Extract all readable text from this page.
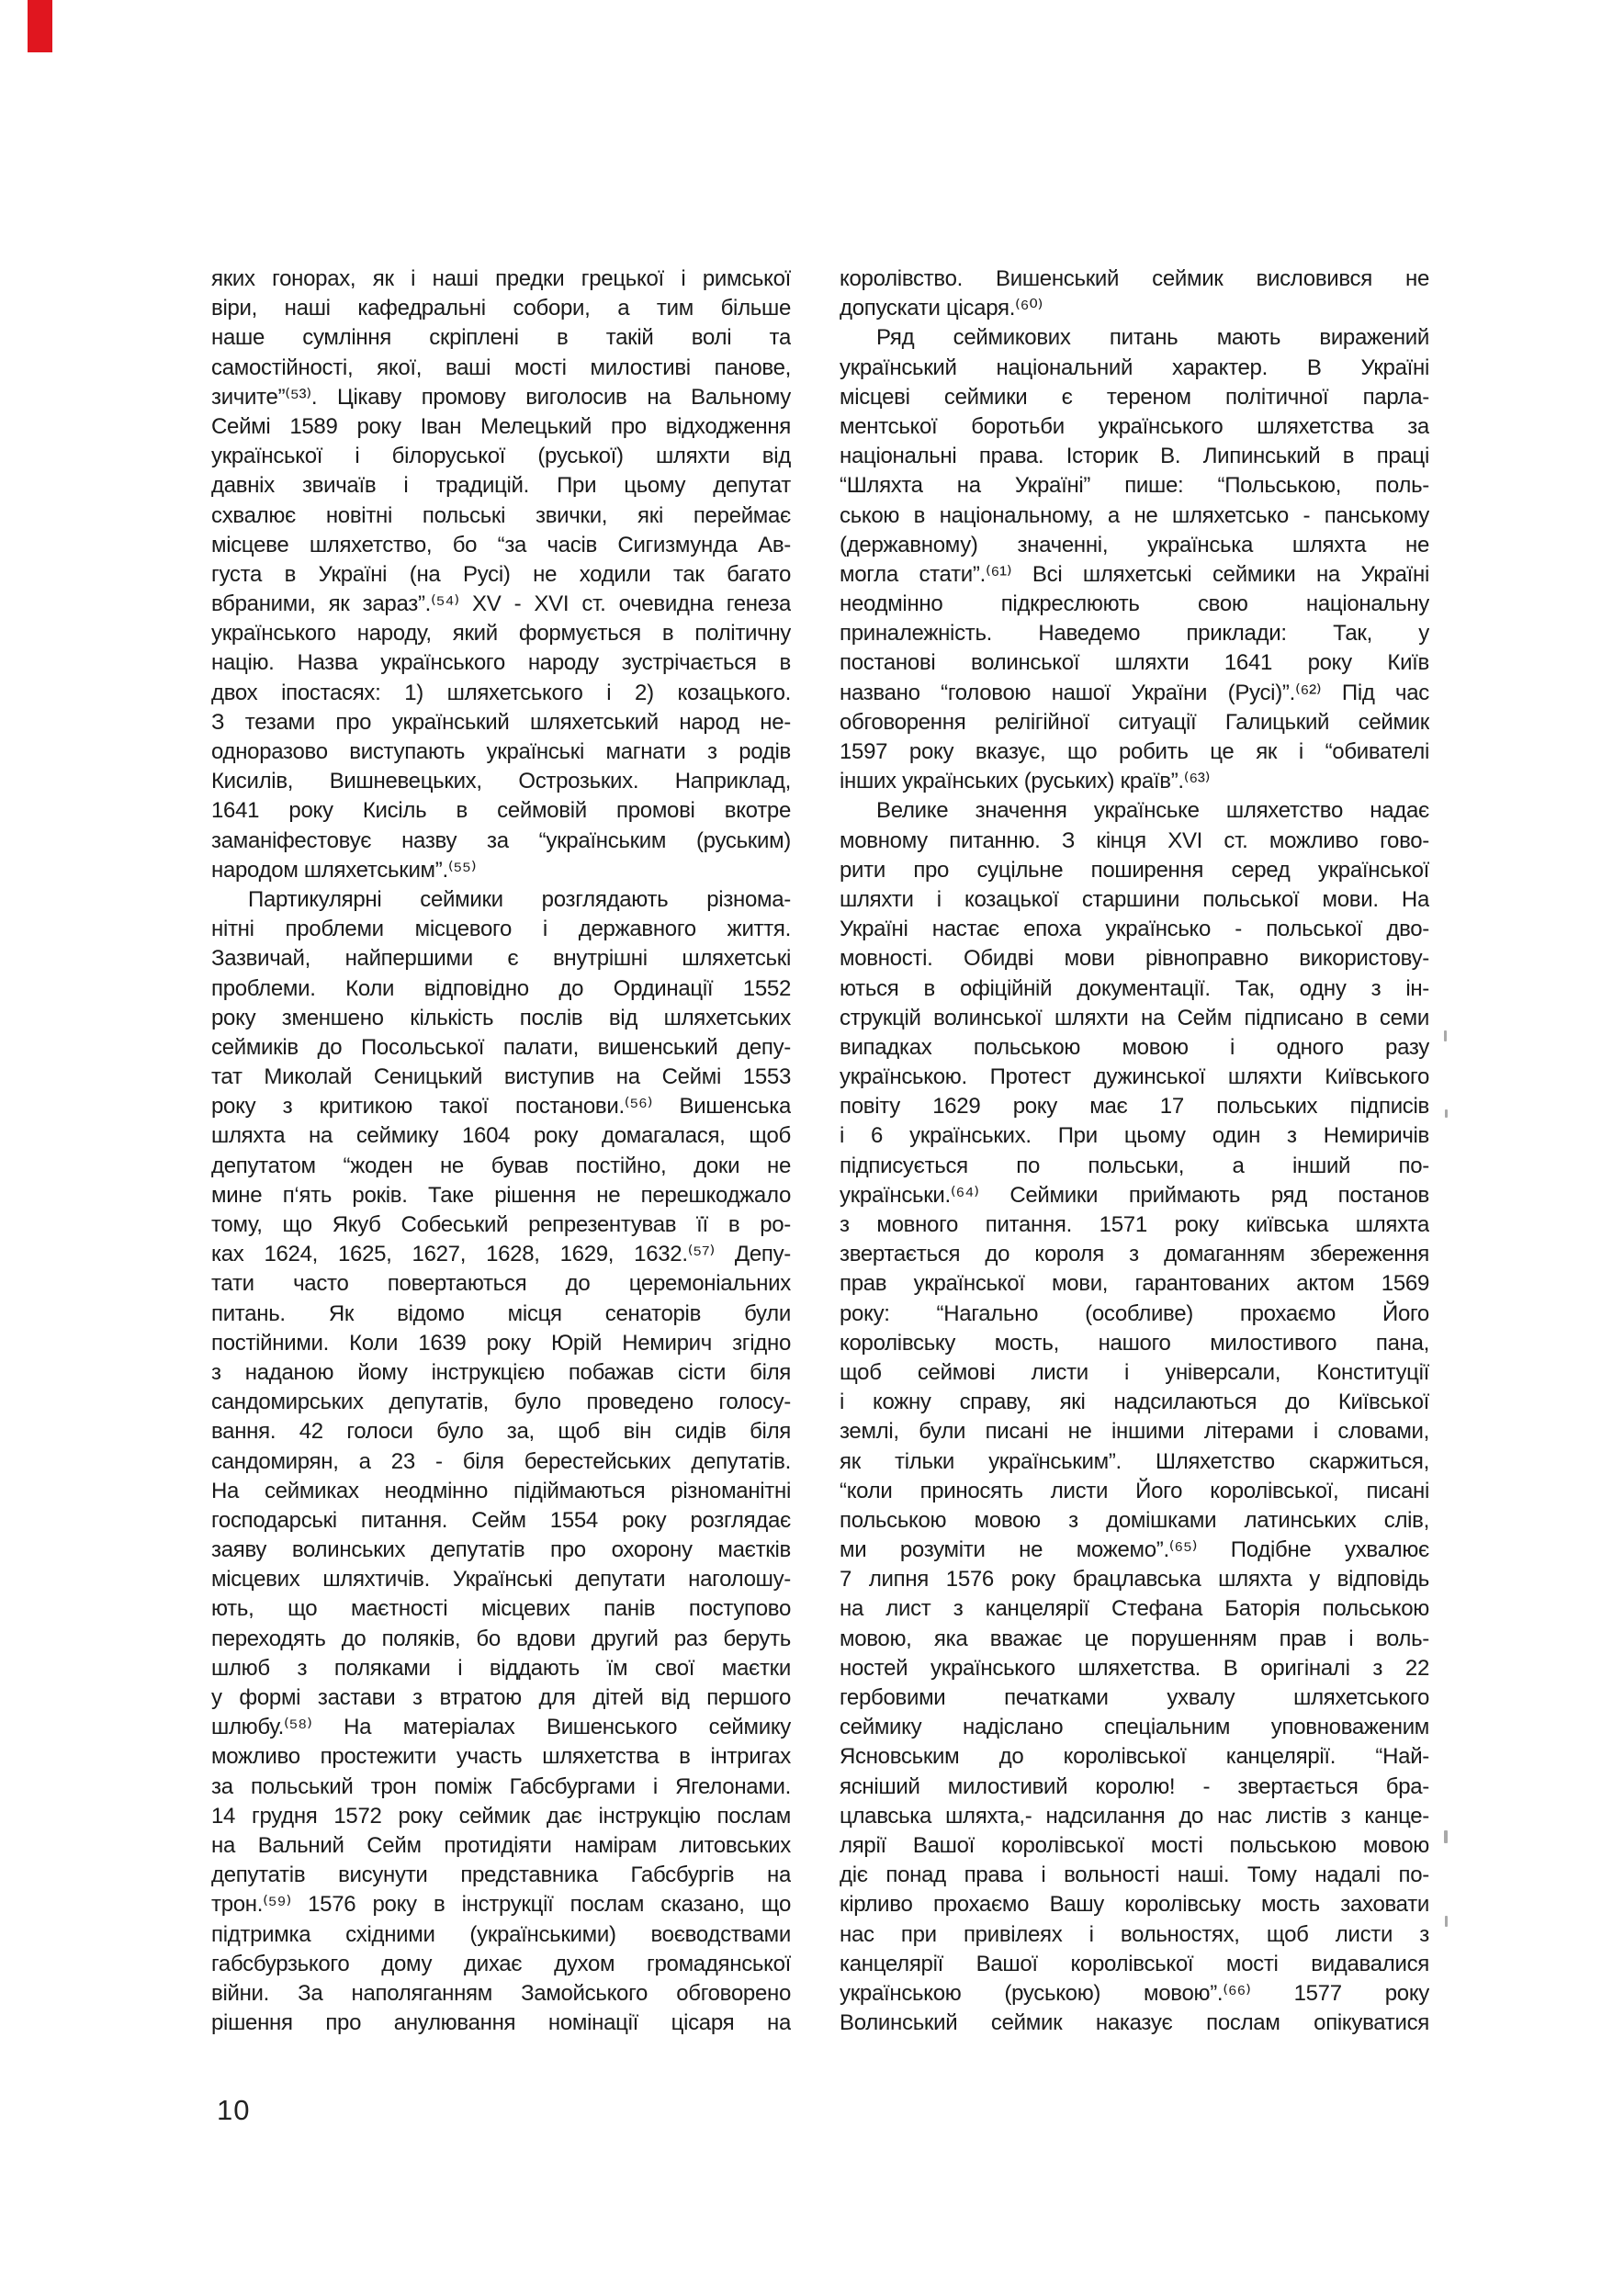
яких гонорах, як і наші предки грецької і римської
віри, наші кафедральні собори, а тим більше
наше сумління скріплені в такій волі та
самостійності, якої, ваші мості милостиві панове,
зичите”⁽⁵³⁾. Цікаву промову виголосив на Вальному
Сеймі 1589 року Іван Мелецький про відходження
української і білоруської (руської) шляхти від
давніх звичаїв і традицій. При цьому депутат
схвалює новітні польські звички, які переймає
місцеве шляхетство, бо “за часів Сигизмунда Ав-
густа в Україні (на Русі) не ходили так багато
вбраними, як зараз”.⁽⁵⁴⁾ XV - XVI ст. очевидна генеза
українського народу, який формується в політичну
націю. Назва українського народу зустрічається в
двох іпостасях: 1) шляхетського і 2) козацького.
З тезами про український шляхетський народ не-
одноразово виступають українські магнати з родів
Кисилів, Вишневецьких, Острозьких. Наприклад,
1641 року Кисіль в сеймовій промові вкотре
заманіфестовує назву за “українським (руським)
народом шляхетським”.⁽⁵⁵⁾
Партикулярні сеймики розглядають різнома-
нітні проблеми місцевого і державного життя.
Зазвичай, найпершими є внутрішні шляхетські
проблеми. Коли відповідно до Ординації 1552
року зменшено кількість послів від шляхетських
сеймиків до Посольської палати, вишенський депу-
тат Миколай Сеницький виступив на Сеймі 1553
року з критикою такої постанови.⁽⁵⁶⁾ Вишенська
шляхта на сеймику 1604 року домагалася, щоб
депутатом “жоден не бував постійно, доки не
мине п‘ять років. Таке рішення не перешкоджало
тому, що Якуб Собеський репрезентував її в ро-
ках 1624, 1625, 1627, 1628, 1629, 1632.⁽⁵⁷⁾ Депу-
тати часто повертаються до церемоніальних
питань. Як відомо місця сенаторів були
постійними. Коли 1639 року Юрій Немирич згідно
з наданою йому інструкцією побажав сісти біля
сандомирських депутатів, було проведено голосу-
вання. 42 голоси було за, щоб він сидів біля
сандомирян, а 23 - біля берестейських депутатів.
На сеймиках неодмінно підіймаються різноманітні
господарські питання. Сейм 1554 року розглядає
заяву волинських депутатів про охорону маєтків
місцевих шляхтичів. Українські депутати наголошу-
ють, що маєтності місцевих панів поступово
переходять до поляків, бо вдови другий раз беруть
шлюб з поляками і віддають їм свої маєтки
у формі застави з втратою для дітей від першого
шлюбу.⁽⁵⁸⁾ На матеріалах Вишенського сеймику
можливо простежити участь шляхетства в інтригах
за польський трон поміж Габсбургами і Ягелонами.
14 грудня 1572 року сеймик дає інструкцію послам
на Вальний Сейм протидіяти намірам литовських
депутатів висунути представника Габсбургів на
трон.⁽⁵⁹⁾ 1576 року в інструкції послам сказано, що
підтримка східними (українськими) воєводствами
габсбурзького дому дихає духом громадянської
війни. За наполяганням Замойського обговорено
рішення про анулювання номінації цісаря на
королівство. Вишенський сеймик висловився не
допускати цісаря.⁽⁶⁰⁾
Ряд сеймикових питань мають виражений
український національний характер. В Україні
місцеві сеймики є тереном політичної парла-
ментської боротьби українського шляхетства за
національні права. Історик В. Липинський в праці
“Шляхта на Україні” пише: “Польською, поль-
ською в національному, а не шляхетсько - панському
(державному) значенні, українська шляхта не
могла стати”.⁽⁶¹⁾ Всі шляхетські сеймики на Україні
неодмінно підкреслюють свою національну
приналежність. Наведемо приклади: Так, у
постанові волинської шляхти 1641 року Київ
названо “головою нашої України (Русі)”.⁽⁶²⁾ Під час
обговорення релігійної ситуації Галицький сеймик
1597 року вказує, що робить це як і “обивателі
інших українських (руських) країв”.⁽⁶³⁾
Велике значення українське шляхетство надає
мовному питанню. З кінця XVI ст. можливо гово-
рити про суцільне поширення серед української
шляхти і козацької старшини польської мови. На
Україні настає епоха українсько - польської дво-
мовності. Обидві мови рівноправно використову-
ються в офіційній документації. Так, одну з ін-
струкцій волинської шляхти на Сейм підписано в семи
випадках польською мовою і одного разу
українською. Протест дужинської шляхти Київського
повіту 1629 року має 17 польських підписів
і 6 українських. При цьому один з Немиричів
підписується по польськи, а інший по-
українськи.⁽⁶⁴⁾ Сеймики приймають ряд постанов
з мовного питання. 1571 року київська шляхта
звертається до короля з домаганням збереження
прав української мови, гарантованих актом 1569
року: “Нагально (особливе) прохаємо Його
королівську мость, нашого милостивого пана,
щоб сеймові листи і універсали, Конституції
і кожну справу, які надсилаються до Київської
землі, були писані не іншими літерами і словами,
як тільки українським”. Шляхетство скаржиться,
“коли приносять листи Його королівської, писані
польською мовою з домішками латинських слів,
ми розуміти не можемо”.⁽⁶⁵⁾ Подібне ухвалює
7 липня 1576 року брацлавська шляхта у відповідь
на лист з канцелярії Стефана Баторія польською
мовою, яка вважає це порушенням прав і воль-
ностей українського шляхетства. В оригіналі з 22
гербовими печатками ухвалу шляхетського
сеймику надіслано спеціальним уповноваженим
Ясновським до королівської канцелярії. “Най-
ясніший милостивий королю! - звертається бра-
цлавська шляхта,- надсилання до нас листів з канце-
лярії Вашої королівської мості польською мовою
діє понад права і вольності наші. Тому надалі по-
кірливо прохаємо Вашу королівську мость заховати
нас при привілеях і вольностях, щоб листи з
канцелярії Вашої королівської мості видавалися
українською (руською) мовою”.⁽⁶⁶⁾ 1577 року
Волинський сеймик наказує послам опікуватися
10
